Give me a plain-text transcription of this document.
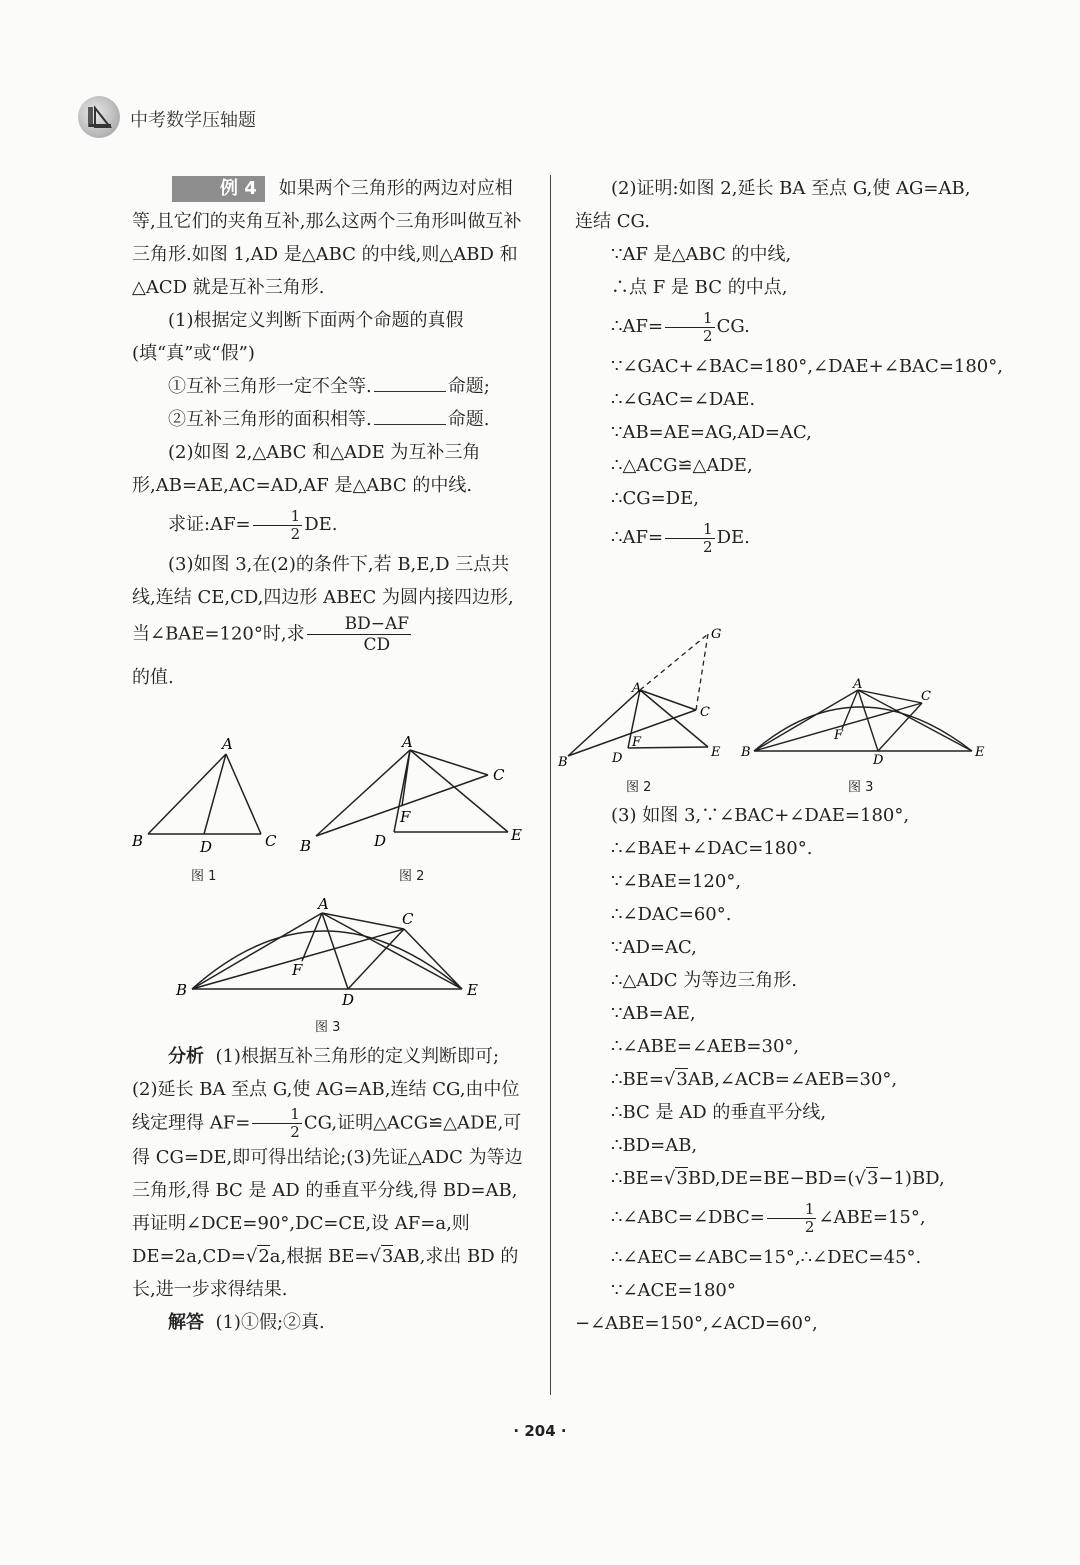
中考数学压轴题

例 4 如果两个三角形的两边对应相等,且它们的夹角互补,那么这两个三角形叫做互补三角形.如图 1,AD 是△ABC 的中线,则△ABD 和△ACD 就是互补三角形.

(1)根据定义判断下面两个命题的真假(填“真”或“假”)

①互补三角形一定不全等.	命题;

②互补三角形的面积相等.	命题.

(2)如图 2,△ABC 和△ADE 为互补三角形,AB=AE,AC=AD,AF 是△ABC 的中线.

求证:AF= $\frac{1}{2}$ DE.

(3)如图 3,在(2)的条件下,若 B,E,D 三点共线,连结 CE,CD,四边形 ABEC 为圆内接四边形,当∠BAE=120°时,求 $\frac{BD-AF}{CD}$

的值.

A
B	D	C
图 1
A
B
C
D
F
E
图 2
A
B
C
F
D
E
图 3

分析 (1)根据互补三角形的定义判断即可;(2)延长 BA 至点 G,使 AG=AB,连结 CG,由中位线定理得 $AF= \frac{1}{2}$ CG,证明△ACG≌△ADE,可得 CG=DE,即可得出结论;(3)先证△ADC 为等边三角形,得 BC 是 AD 的垂直平分线,得 BD=AB,再证明∠DCE=90°,DC=CE,设 AF=a,则 DE=2a,CD=√2a,根据 BE=√3AB,求出 BD 的长,进一步求得结果.

解答 (1)①假;②真.

(2)证明:如图 2,延长 BA 至点 G,使 AG=AB,连结 CG.

∵AF 是△ABC 的中线,

∴点 F 是 BC 的中点,

∴AF= $\frac{1}{2}$ CG.

∵∠GAC+∠BAC=180°,∠DAE+∠BAC=180°,

∴∠GAC=∠DAE.

∵AB=AE=AG,AD=AC,

∴△ACG≌△ADE,

∴CG=DE,

∴AF= $\frac{1}{2}$ DE.

A
B
C
D
F
E
G
图 2
A
B
C
F
D
E
图 3

(3) 如图 3,∵∠BAC+∠DAE=180°,

∴∠BAE+∠DAC=180°.

∵∠BAE=120°,

∴∠DAC=60°.

∵AD=AC,

∴△ADC 为等边三角形.

∵AB=AE,

∴∠ABE=∠AEB=30°,

∴BE=√3AB,∠ACB=∠AEB=30°,

∴BC 是 AD 的垂直平分线,

∴BD=AB,

∴BE=√3BD,DE=BE−BD=(√3−1)BD,

∴∠ABC=∠DBC= $\frac{1}{2}$ ∠ABE=15°,

∴∠AEC=∠ABC=15°,∴∠DEC=45°.

∵∠ACE=180°−∠ABE=150°,∠ACD=60°,

· 204 ·
